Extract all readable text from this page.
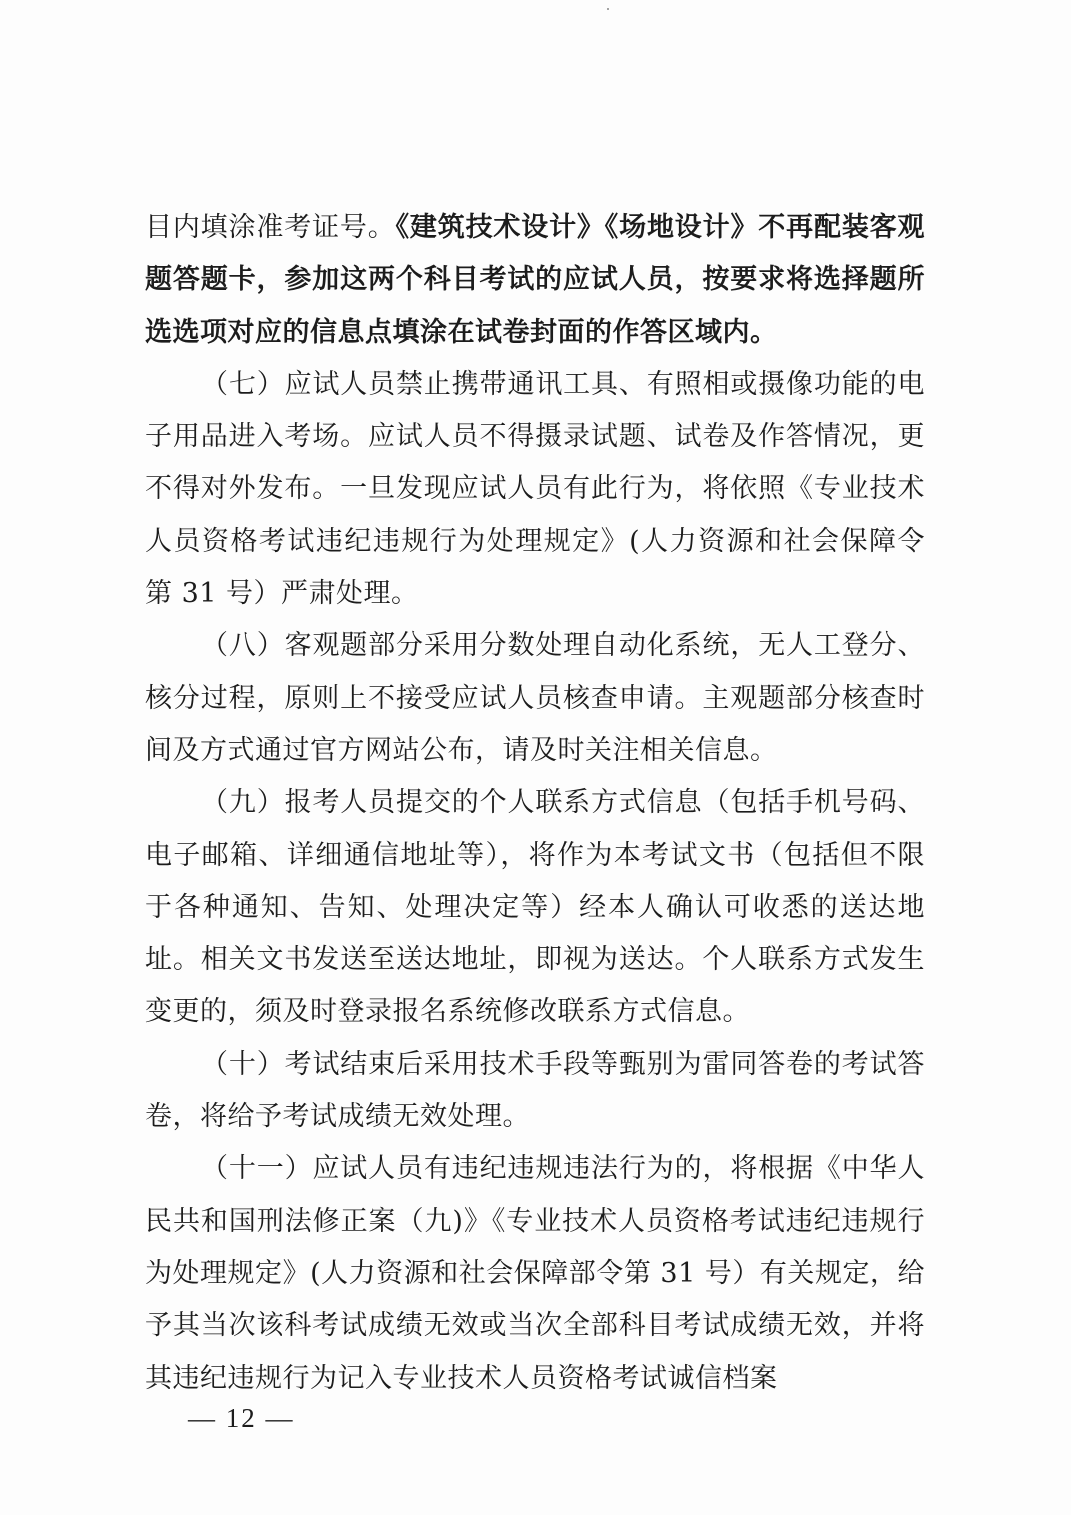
目内填涂准考证号。《建筑技术设计》《场地设计》不再配装客观题答题卡，参加这两个科目考试的应试人员，按要求将选择题所选选项对应的信息点填涂在试卷封面的作答区域内。

（七）应试人员禁止携带通讯工具、有照相或摄像功能的电子用品进入考场。应试人员不得摄录试题、试卷及作答情况，更不得对外发布。一旦发现应试人员有此行为，将依照《专业技术人员资格考试违纪违规行为处理规定》(人力资源和社会保障令第 31 号）严肃处理。

（八）客观题部分采用分数处理自动化系统，无人工登分、核分过程，原则上不接受应试人员核查申请。主观题部分核查时间及方式通过官方网站公布，请及时关注相关信息。

（九）报考人员提交的个人联系方式信息（包括手机号码、电子邮箱、详细通信地址等），将作为本考试文书（包括但不限于各种通知、告知、处理决定等）经本人确认可收悉的送达地址。相关文书发送至送达地址，即视为送达。个人联系方式发生变更的，须及时登录报名系统修改联系方式信息。

（十）考试结束后采用技术手段等甄别为雷同答卷的考试答卷，将给予考试成绩无效处理。

（十一）应试人员有违纪违规违法行为的，将根据《中华人民共和国刑法修正案（九)》《专业技术人员资格考试违纪违规行为处理规定》(人力资源和社会保障部令第 31 号）有关规定，给予其当次该科考试成绩无效或当次全部科目考试成绩无效，并将其违纪违规行为记入专业技术人员资格考试诚信档案

— 12 —
